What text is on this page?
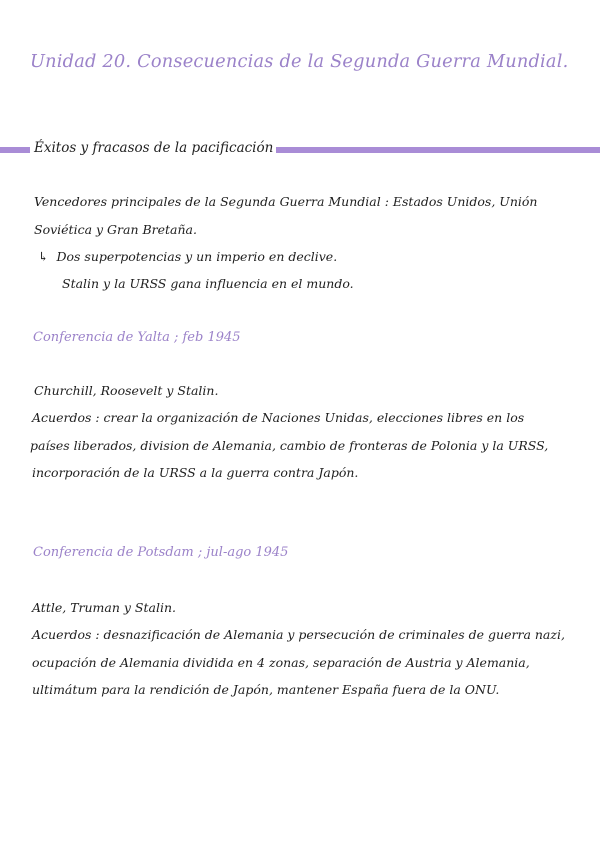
Unidad 20. Consecuencias de la Segunda Guerra Mundial.
Éxitos y fracasos de la pacificación
Vencedores principales de la Segunda Guerra Mundial : Estados Unidos, Unión
Soviética y Gran Bretaña.
↳ Dos superpotencias y un imperio en declive.
Stalin y la URSS gana influencia en el mundo.
Conferencia de Yalta ; feb 1945
Churchill, Roosevelt y Stalin.
Acuerdos : crear la organización de Naciones Unidas, elecciones libres en los
países liberados, division de Alemania, cambio de fronteras de Polonia y la URSS,
incorporación de la URSS a la guerra contra Japón.
Conferencia de Potsdam ; jul-ago 1945
Attle, Truman y Stalin.
Acuerdos : desnazificación de Alemania y persecución de criminales de guerra nazi,
ocupación de Alemania dividida en 4 zonas, separación de Austria y Alemania,
ultimátum para la rendición de Japón, mantener España fuera de la ONU.
